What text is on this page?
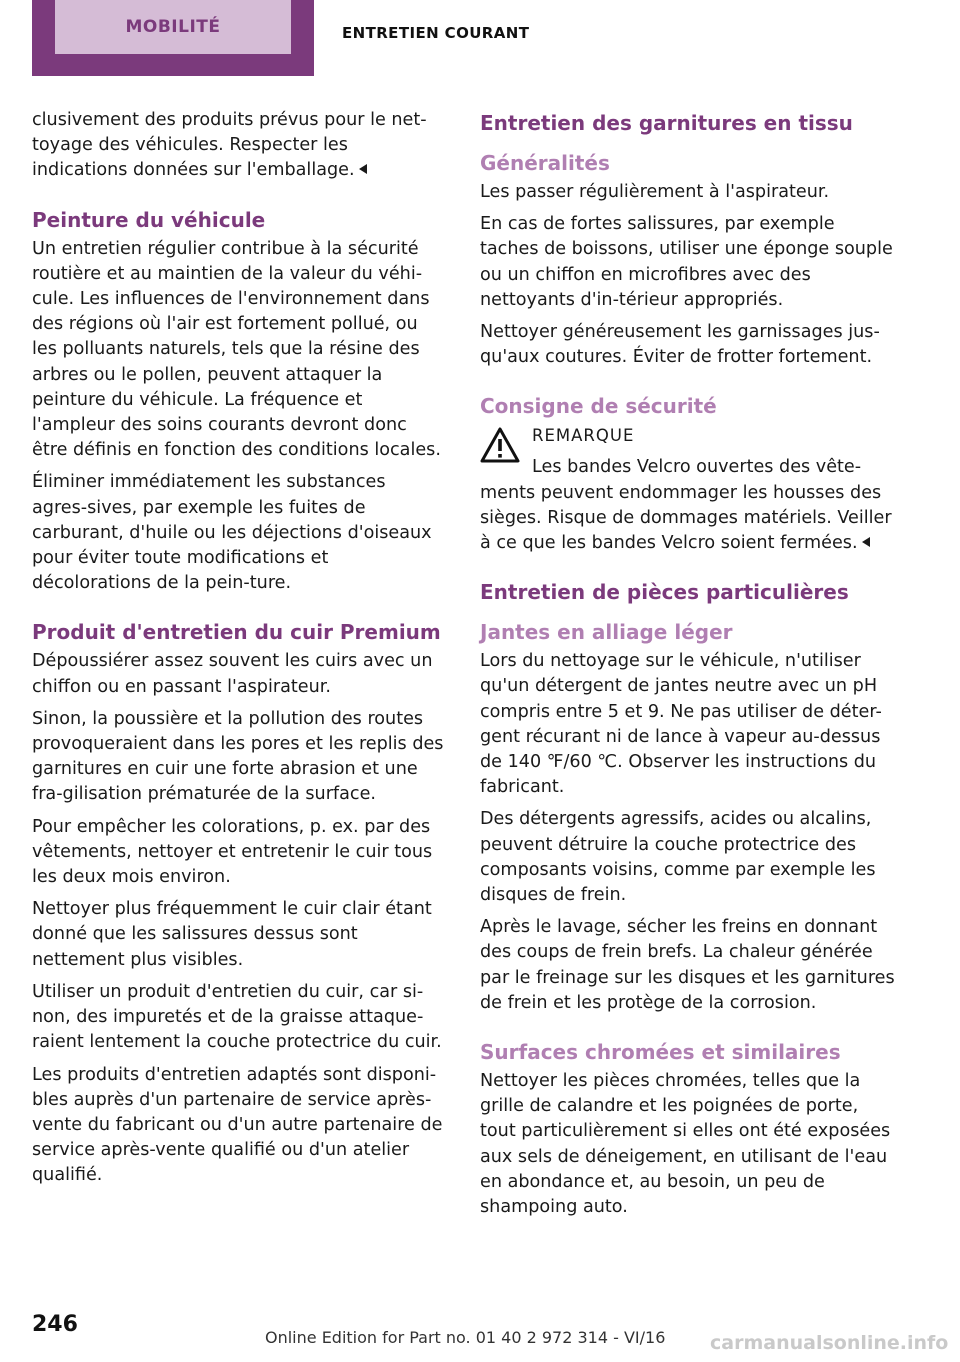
MOBILITÉ	ENTRETIEN COURANT

clusivement des produits prévus pour le net-toyage des véhicules. Respecter les indications données sur l'emballage.

Peinture du véhicule

Un entretien régulier contribue à la sécurité routière et au maintien de la valeur du véhi-cule. Les influences de l'environnement dans des régions où l'air est fortement pollué, ou les polluants naturels, tels que la résine des arbres ou le pollen, peuvent attaquer la peinture du véhicule. La fréquence et l'ampleur des soins courants devront donc être définis en fonction des conditions locales.

Éliminer immédiatement les substances agres-sives, par exemple les fuites de carburant, d'huile ou les déjections d'oiseaux pour éviter toute modifications et décolorations de la pein-ture.

Produit d'entretien du cuir Premium

Dépoussiérer assez souvent les cuirs avec un chiffon ou en passant l'aspirateur.

Sinon, la poussière et la pollution des routes provoqueraient dans les pores et les replis des garnitures en cuir une forte abrasion et une fra-gilisation prématurée de la surface.

Pour empêcher les colorations, p. ex. par des vêtements, nettoyer et entretenir le cuir tous les deux mois environ.

Nettoyer plus fréquemment le cuir clair étant donné que les salissures dessus sont nettement plus visibles.

Utiliser un produit d'entretien du cuir, car si-non, des impuretés et de la graisse attaque-raient lentement la couche protectrice du cuir.

Les produits d'entretien adaptés sont disponi-bles auprès d'un partenaire de service après-vente du fabricant ou d'un autre partenaire de service après-vente qualifié ou d'un atelier qualifié.

Entretien des garnitures en tissu
Généralités

Les passer régulièrement à l'aspirateur.

En cas de fortes salissures, par exemple taches de boissons, utiliser une éponge souple ou un chiffon en microfibres avec des nettoyants d'in-térieur appropriés.

Nettoyer généreusement les garnissages jus-qu'aux coutures. Éviter de frotter fortement.

Consigne de sécurité
REMARQUE

Les bandes Velcro ouvertes des vête-ments peuvent endommager les housses des sièges. Risque de dommages matériels. Veiller à ce que les bandes Velcro soient fermées.

Entretien de pièces particulières
Jantes en alliage léger

Lors du nettoyage sur le véhicule, n'utiliser qu'un détergent de jantes neutre avec un pH compris entre 5 et 9. Ne pas utiliser de déter-gent récurant ni de lance à vapeur au-dessus de 140 ℉/60 ℃. Observer les instructions du fabricant.

Des détergents agressifs, acides ou alcalins, peuvent détruire la couche protectrice des composants voisins, comme par exemple les disques de frein.

Après le lavage, sécher les freins en donnant des coups de frein brefs. La chaleur générée par le freinage sur les disques et les garnitures de frein et les protège de la corrosion.

Surfaces chromées et similaires

Nettoyer les pièces chromées, telles que la grille de calandre et les poignées de porte, tout particulièrement si elles ont été exposées aux sels de déneigement, en utilisant de l'eau en abondance et, au besoin, un peu de shampoing auto.

246
Online Edition for Part no. 01 40 2 972 314 - VI/16 carmanualsonline.info
